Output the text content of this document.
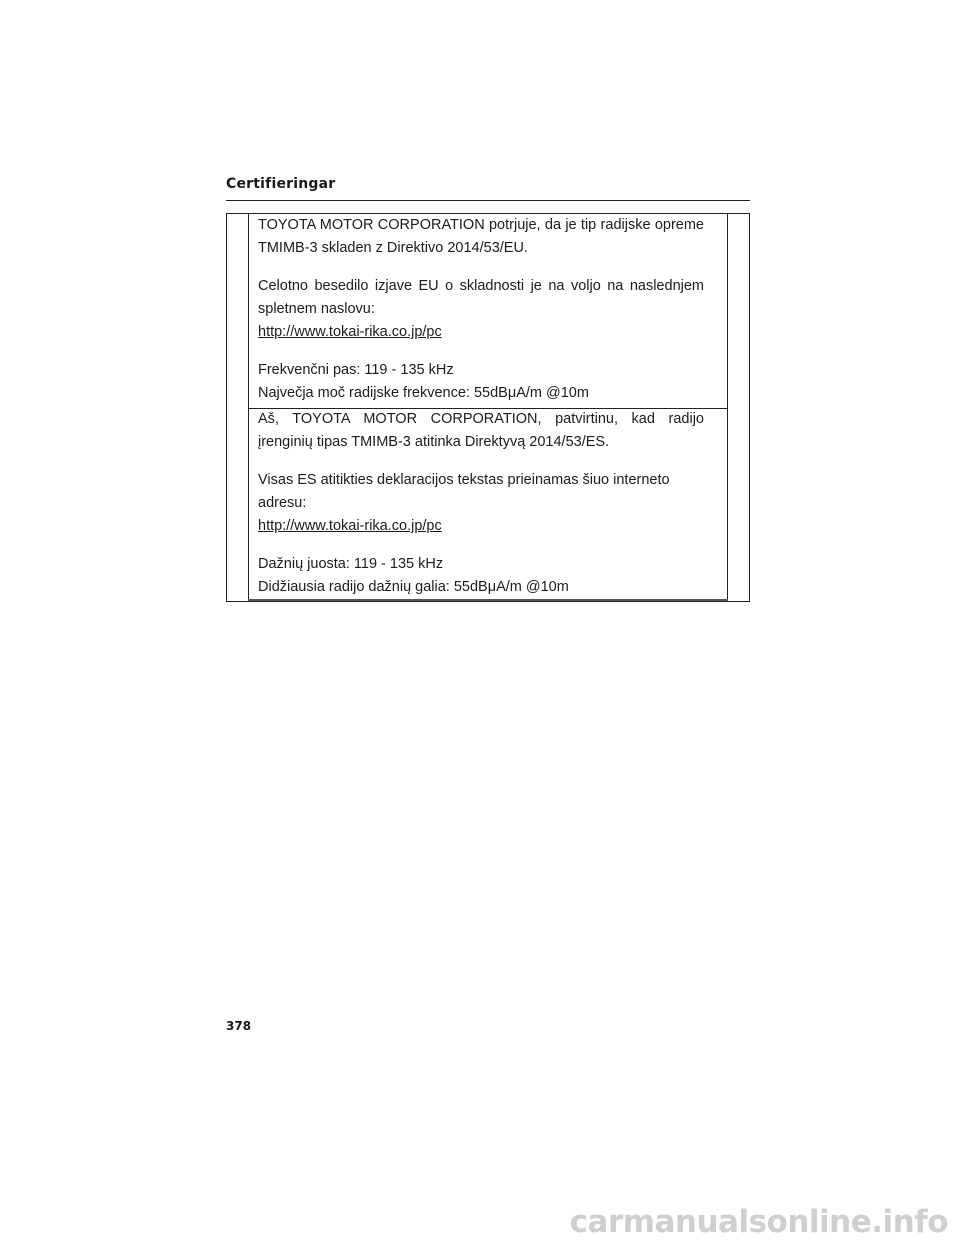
Certifieringar

TOYOTA MOTOR CORPORATION potrjuje, da je tip radijske opreme TMIMB-3 skladen z Direktivo 2014/53/EU.

Celotno besedilo izjave EU o skladnosti je na voljo na naslednjem spletnem naslovu:

http://www.tokai-rika.co.jp/pc

Frekvenčni pas: 119 - 135 kHz
Največja moč radijske frekvence: 55dBμA/m @10m

Aš, TOYOTA MOTOR CORPORATION, patvirtinu, kad radijo įrenginių tipas TMIMB-3 atitinka Direktyvą 2014/53/ES.

Visas ES atitikties deklaracijos tekstas prieinamas šiuo interneto adresu:

http://www.tokai-rika.co.jp/pc

Dažnių juosta: 119 - 135 kHz
Didžiausia radijo dažnių galia: 55dBμA/m @10m

378
carmanualsonline.info
